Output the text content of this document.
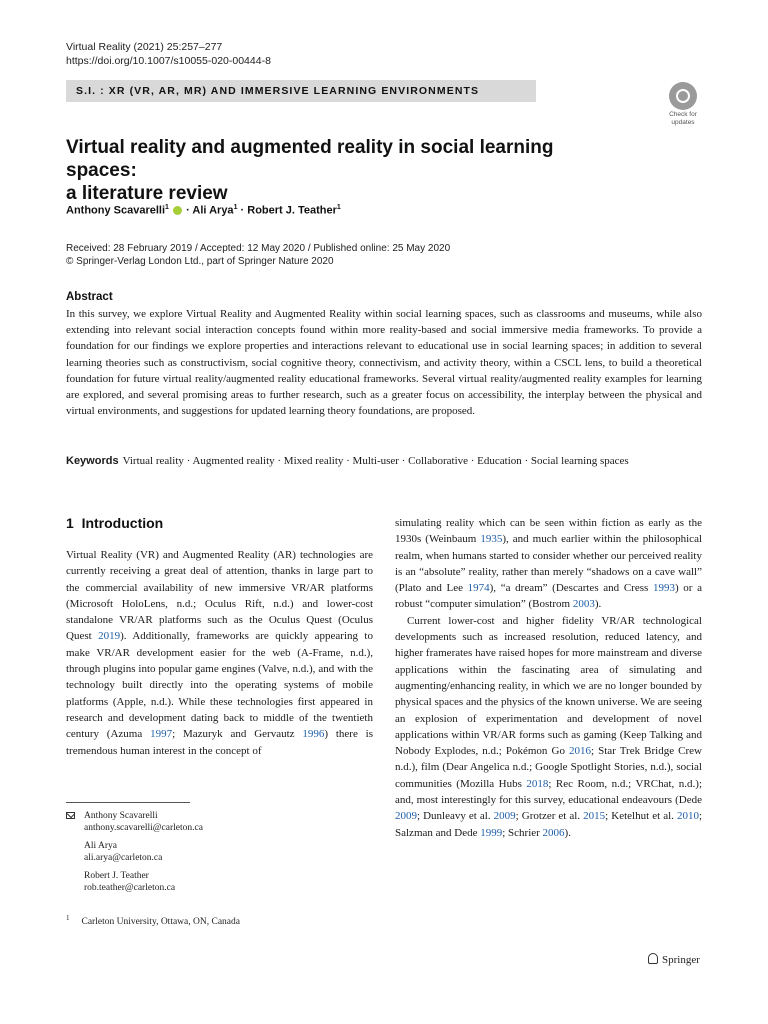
Virtual Reality (2021) 25:257–277
https://doi.org/10.1007/s10055-020-00444-8
S.I. : XR (VR, AR, MR) AND IMMERSIVE LEARNING ENVIRONMENTS
Check for
updates
Virtual reality and augmented reality in social learning spaces:
a literature review
Anthony Scavarelli$^1$  · Ali Arya$^1$ · Robert J. Teather$^1$
Received: 28 February 2019 / Accepted: 12 May 2020 / Published online: 25 May 2020
© Springer-Verlag London Ltd., part of Springer Nature 2020
Abstract
In this survey, we explore Virtual Reality and Augmented Reality within social learning spaces, such as classrooms and museums, while also extending into relevant social interaction concepts found within more reality-based and social immersive media frameworks. To provide a foundation for our findings we explore properties and interactions relevant to educational use in social learning spaces; in addition to several learning theories such as constructivism, social cognitive theory, connectivism, and activity theory, within a CSCL lens, to build a theoretical foundation for future virtual reality/augmented reality educational frameworks. Several virtual reality/augmented reality examples for learning are explored, and several promising areas to further research, such as a greater focus on accessibility, the interplay between the physical and virtual environments, and suggestions for updated learning theory foundations, are proposed.
Keywords Virtual reality · Augmented reality · Mixed reality · Multi-user · Collaborative · Education · Social learning spaces
1 Introduction

Virtual Reality (VR) and Augmented Reality (AR) technologies are currently receiving a great deal of attention, thanks in large part to the commercial availability of new immersive VR/AR platforms (Microsoft HoloLens, n.d.; Oculus Rift, n.d.) and lower-cost standalone VR/AR platforms such as the Oculus Quest (Oculus Quest 2019). Additionally, frameworks are quickly appearing to make VR/AR development easier for the web (A-Frame, n.d.), through plugins into popular game engines (Valve, n.d.), and with the technology built directly into the operating systems of mobile platforms (Apple, n.d.). While these technologies first appeared in research and development dating back to middle of the twentieth century (Azuma 1997; Mazuryk and Gervautz 1996) there is tremendous human interest in the concept of

simulating reality which can be seen within fiction as early as the 1930s (Weinbaum 1935), and much earlier within the philosophical realm, when humans started to consider whether our perceived reality is an “absolute” reality, rather than merely “shadows on a cave wall” (Plato and Lee 1974), “a dream” (Descartes and Cress 1993) or a robust “computer simulation” (Bostrom 2003).

Current lower-cost and higher fidelity VR/AR technological developments such as increased resolution, reduced latency, and higher framerates have raised hopes for more mainstream and diverse applications within the fascinating area of simulating and augmenting/enhancing reality, in which we are no longer bounded by physical spaces and the physics of the known universe. We are seeing an explosion of experimentation and development of novel applications within VR/AR forms such as gaming (Keep Talking and Nobody Explodes, n.d.; Pokémon Go 2016; Star Trek Bridge Crew n.d.), film (Dear Angelica n.d.; Google Spotlight Stories, n.d.), social communities (Mozilla Hubs 2018; Rec Room, n.d.; VRChat, n.d.); and, most interestingly for this survey, educational endeavours (Dede 2009; Dunleavy et al. 2009; Grotzer et al. 2015; Ketelhut et al. 2010; Salzman and Dede 1999; Schrier 2006).

Anthony Scavarelli
anthony.scavarelli@carleton.ca
Ali Arya
ali.arya@carleton.ca
Robert J. Teather
rob.teather@carleton.ca
$^1$ Carleton University, Ottawa, ON, Canada
Springer
